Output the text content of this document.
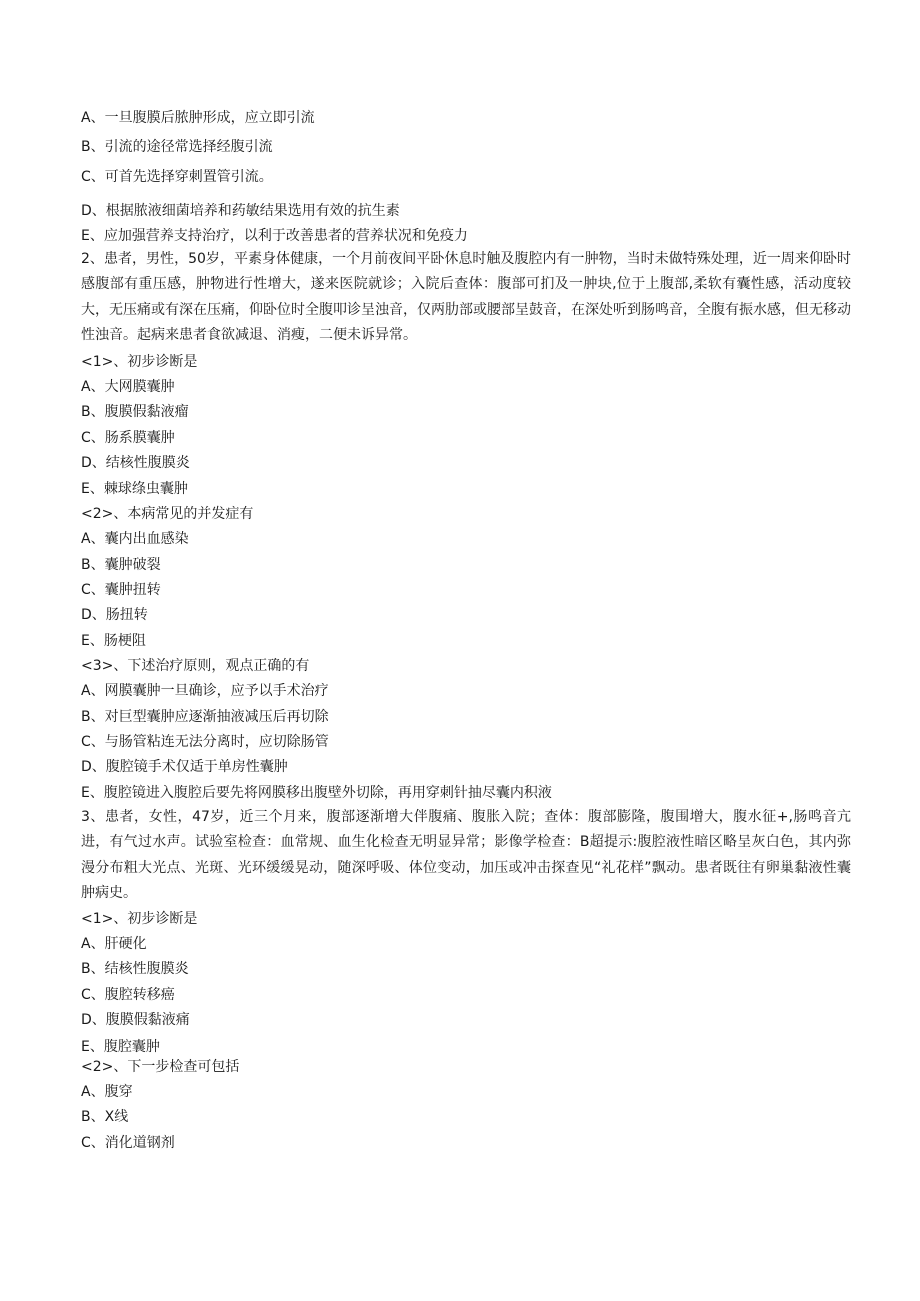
A、一旦腹膜后脓肿形成，应立即引流
B、引流的途径常选择经腹引流
C、可首先选择穿刺置管引流。
D、根据脓液细菌培养和药敏结果选用有效的抗生素
E、应加强营养支持治疗，以利于改善患者的营养状况和免疫力
2、患者，男性，50岁，平素身体健康，一个月前夜间平卧休息时触及腹腔内有一肿物，当时未做特殊处理，近一周来仰卧时感腹部有重压感，肿物进行性增大，遂来医院就诊；入院后查体：腹部可扪及一肿块,位于上腹部,柔软有囊性感，活动度较大，无压痛或有深在压痛，仰卧位时全腹叩诊呈浊音，仅两肋部或腰部呈鼓音，在深处听到肠鸣音，全腹有振水感，但无移动性浊音。起病来患者食欲减退、消瘦，二便未诉异常。
<1>、初步诊断是
A、大网膜囊肿
B、腹膜假黏液瘤
C、肠系膜囊肿
D、结核性腹膜炎
E、棘球绦虫囊肿
<2>、本病常见的并发症有
A、囊内出血感染
B、囊肿破裂
C、囊肿扭转
D、肠扭转
E、肠梗阻
<3>、下述治疗原则，观点正确的有
A、网膜囊肿一旦确诊，应予以手术治疗
B、对巨型囊肿应逐渐抽液减压后再切除
C、与肠管粘连无法分离时，应切除肠管
D、腹腔镜手术仅适于单房性囊肿
E、腹腔镜进入腹腔后要先将网膜移出腹壁外切除，再用穿刺针抽尽囊内积液
3、患者，女性，47岁，近三个月来，腹部逐渐增大伴腹痛、腹胀入院；查体：腹部膨隆，腹围增大，腹水征+,肠鸣音亢进，有气过水声。试验室检查：血常规、血生化检查无明显异常；影像学检查：B超提示:腹腔液性暗区略呈灰白色，其内弥漫分布粗大光点、光斑、光环缓缓晃动，随深呼吸、体位变动，加压或冲击探查见“礼花样”飘动。患者既往有卵巢黏液性囊肿病史。
<1>、初步诊断是
A、肝硬化
B、结核性腹膜炎
C、腹腔转移癌
D、腹膜假黏液痛
E、腹腔囊肿
<2>、下一步检查可包括
A、腹穿
B、X线
C、消化道钢剂
